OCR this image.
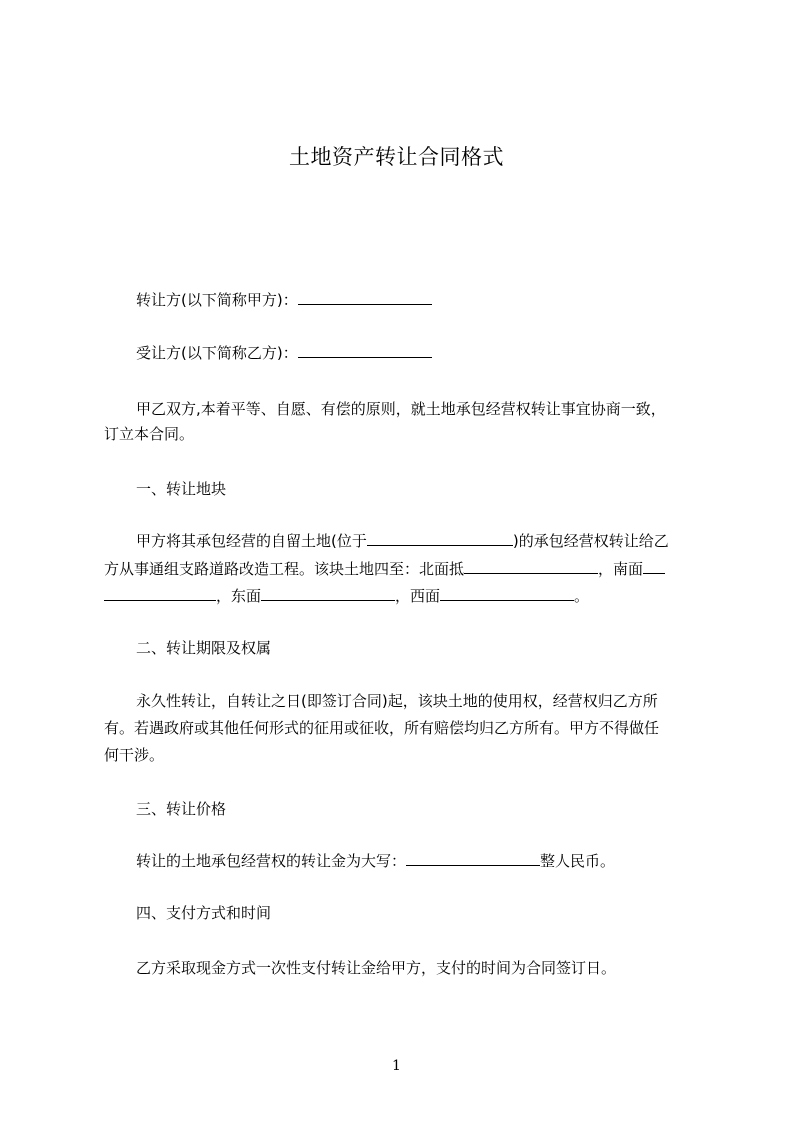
土地资产转让合同格式
转让方(以下简称甲方)：
受让方(以下简称乙方)：
甲乙双方,本着平等、自愿、有偿的原则，就土地承包经营权转让事宜协商一致，
订立本合同。
一、转让地块
甲方将其承包经营的自留土地(位于	)的承包经营权转让给乙
方从事通组支路道路改造工程。该块土地四至：北面抵	，南面
，东面	，西面	。
二、转让期限及权属
永久性转让，自转让之日(即签订合同)起，该块土地的使用权，经营权归乙方所
有。若遇政府或其他任何形式的征用或征收，所有赔偿均归乙方所有。甲方不得做任
何干涉。
三、转让价格
转让的土地承包经营权的转让金为大写：	整人民币。
四、支付方式和时间
乙方采取现金方式一次性支付转让金给甲方，支付的时间为合同签订日。
1
